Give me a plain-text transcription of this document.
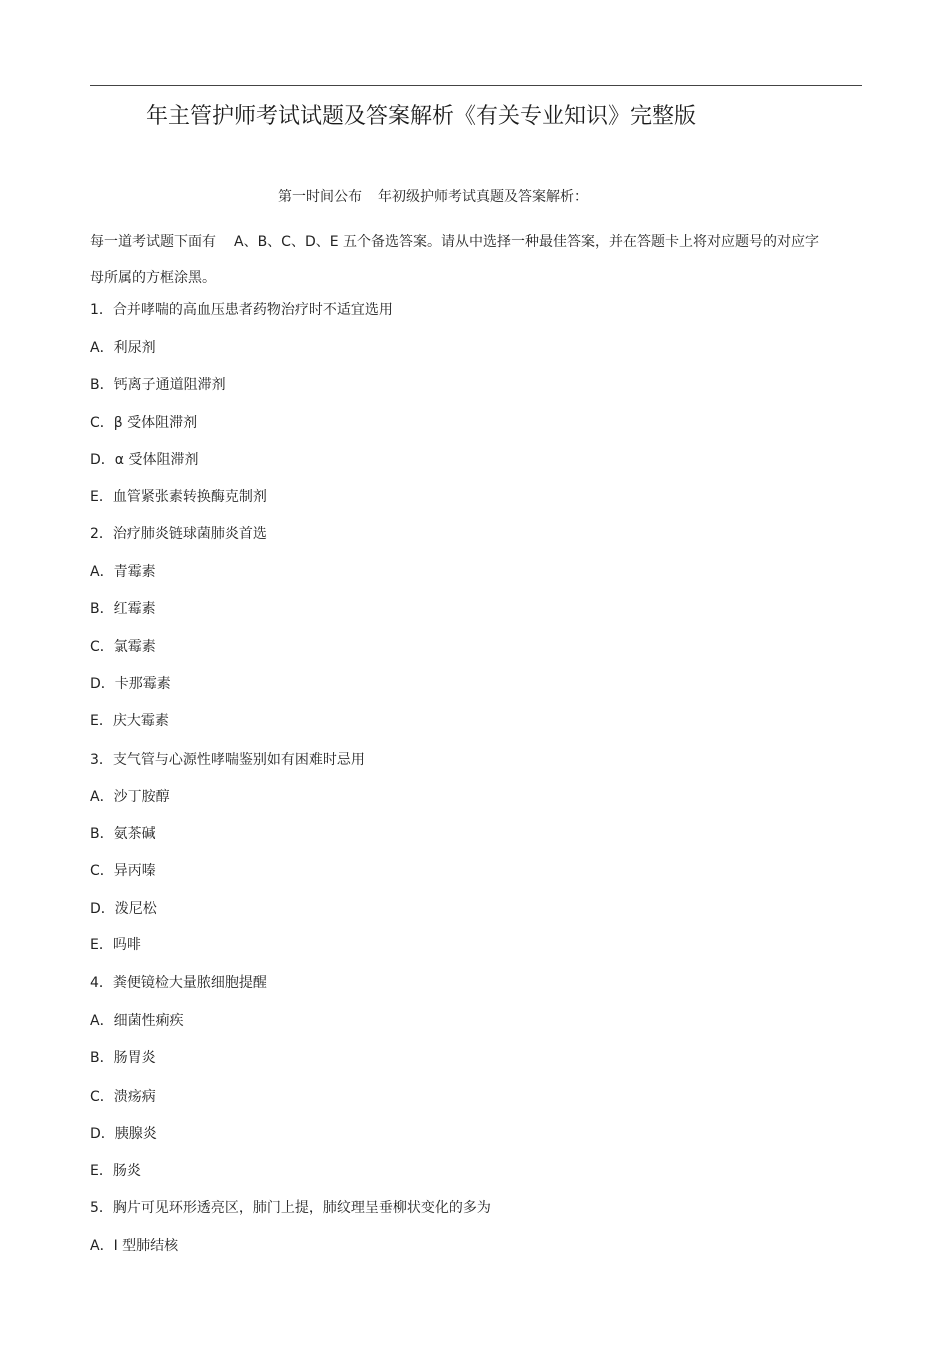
年主管护师考试试题及答案解析《有关专业知识》完整版
第一时间公布 年初级护师考试真题及答案解析：
每一道考试题下面有 A、B、C、D、E 五个备选答案。请从中选择一种最佳答案，并在答题卡上将对应题号的对应字母所属的方框涂黑。
1．合并哮喘的高血压患者药物治疗时不适宜选用
A．利尿剂
B．钙离子通道阻滞剂
C．β 受体阻滞剂
D．α 受体阻滞剂
E．血管紧张素转换酶克制剂
2．治疗肺炎链球菌肺炎首选
A．青霉素
B．红霉素
C．氯霉素
D．卡那霉素
E．庆大霉素
3．支气管与心源性哮喘鉴别如有困难时忌用
A．沙丁胺醇
B．氨茶碱
C．异丙嗪
D．泼尼松
E．吗啡
4．粪便镜检大量脓细胞提醒
A．细菌性痢疾
B．肠胃炎
C．溃疡病
D．胰腺炎
E．肠炎
5．胸片可见环形透亮区，肺门上提，肺纹理呈垂柳状变化的多为
A．Ⅰ 型肺结核
